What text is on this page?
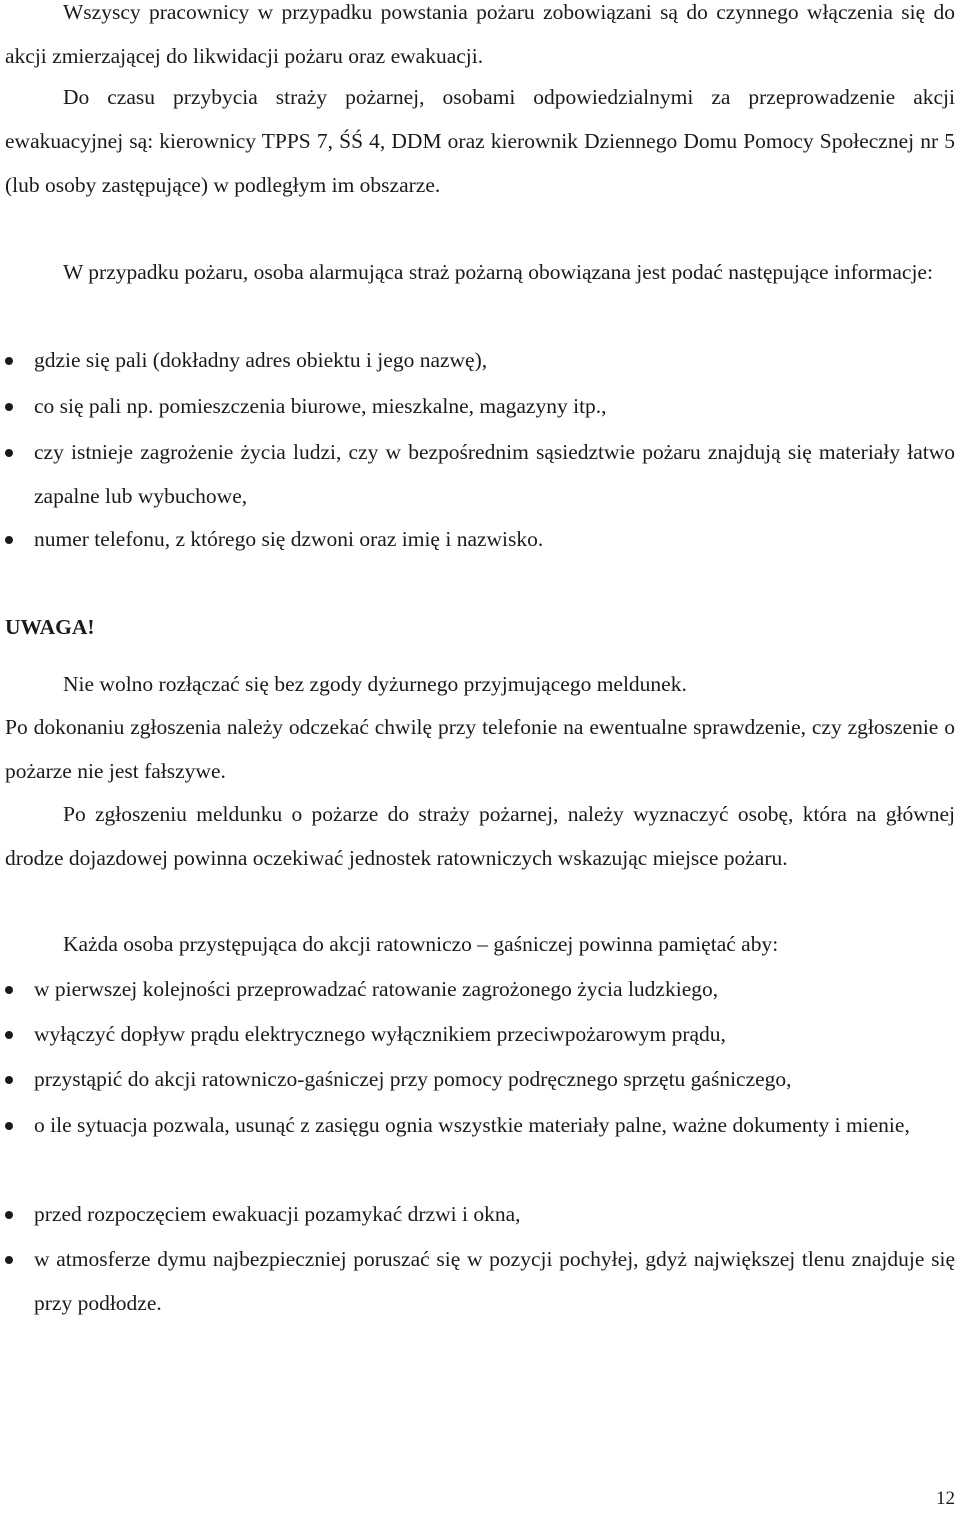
Wszyscy pracownicy w przypadku powstania pożaru zobowiązani są do czynnego włączenia się do akcji zmierzającej do likwidacji pożaru oraz ewakuacji.

Do czasu przybycia straży pożarnej, osobami odpowiedzialnymi za przeprowadzenie akcji ewakuacyjnej są: kierownicy TPPS 7, ŚŚ 4, DDM oraz kierownik Dziennego Domu Pomocy Społecznej nr 5 (lub osoby zastępujące) w podległym im obszarze.

W przypadku pożaru, osoba alarmująca straż pożarną obowiązana jest podać następujące informacje:

gdzie się pali (dokładny adres obiektu i jego nazwę),

co się pali np. pomieszczenia biurowe, mieszkalne, magazyny itp.,

czy istnieje zagrożenie życia ludzi, czy w bezpośrednim sąsiedztwie pożaru znajdują się materiały łatwo zapalne lub wybuchowe,

numer telefonu, z którego się dzwoni oraz imię i nazwisko.

UWAGA!

Nie wolno rozłączać się bez zgody dyżurnego przyjmującego meldunek.

Po dokonaniu zgłoszenia należy odczekać chwilę przy telefonie na ewentualne sprawdzenie, czy zgłoszenie o pożarze nie jest fałszywe.

Po zgłoszeniu meldunku o pożarze do straży pożarnej, należy wyznaczyć osobę, która na głównej drodze dojazdowej powinna oczekiwać jednostek ratowniczych wskazując miejsce pożaru.

Każda osoba przystępująca do akcji ratowniczo – gaśniczej powinna pamiętać aby:

w pierwszej kolejności przeprowadzać ratowanie zagrożonego życia ludzkiego,

wyłączyć dopływ prądu elektrycznego wyłącznikiem przeciwpożarowym prądu,

przystąpić do akcji ratowniczo-gaśniczej przy pomocy podręcznego sprzętu gaśniczego,

o ile sytuacja pozwala, usunąć z zasięgu ognia wszystkie materiały palne, ważne dokumenty i mienie,

przed rozpoczęciem ewakuacji pozamykać drzwi i okna,

w atmosferze dymu najbezpieczniej poruszać się w pozycji pochyłej, gdyż największej tlenu znajduje się przy podłodze.

12
